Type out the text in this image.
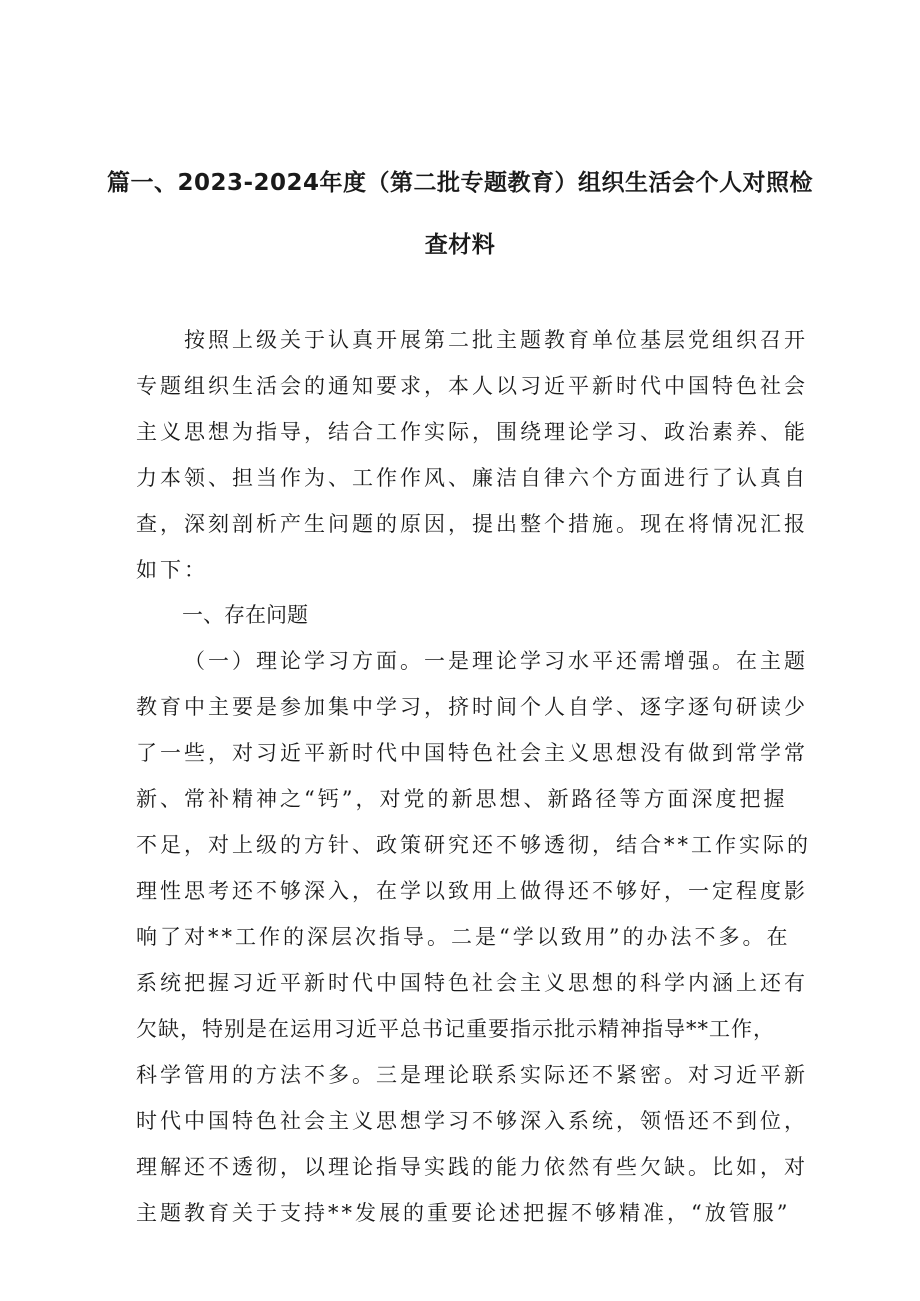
篇一、2023-2024年度（第二批专题教育）组织生活会个人对照检
查材料
按照上级关于认真开展第二批主题教育单位基层党组织召开
专题组织生活会的通知要求，本人以习近平新时代中国特色社会
主义思想为指导，结合工作实际，围绕理论学习、政治素养、能
力本领、担当作为、工作作风、廉洁自律六个方面进行了认真自
查，深刻剖析产生问题的原因，提出整个措施。现在将情况汇报
如下：
一、存在问题
（一）理论学习方面。一是理论学习水平还需增强。在主题
教育中主要是参加集中学习，挤时间个人自学、逐字逐句研读少
了一些，对习近平新时代中国特色社会主义思想没有做到常学常
新、常补精神之“钙”，对党的新思想、新路径等方面深度把握
不足，对上级的方针、政策研究还不够透彻，结合**工作实际的
理性思考还不够深入，在学以致用上做得还不够好，一定程度影
响了对**工作的深层次指导。二是“学以致用”的办法不多。在
系统把握习近平新时代中国特色社会主义思想的科学内涵上还有
欠缺，特别是在运用习近平总书记重要指示批示精神指导**工作，
科学管用的方法不多。三是理论联系实际还不紧密。对习近平新
时代中国特色社会主义思想学习不够深入系统，领悟还不到位，
理解还不透彻，以理论指导实践的能力依然有些欠缺。比如，对
主题教育关于支持**发展的重要论述把握不够精准，“放管服”
